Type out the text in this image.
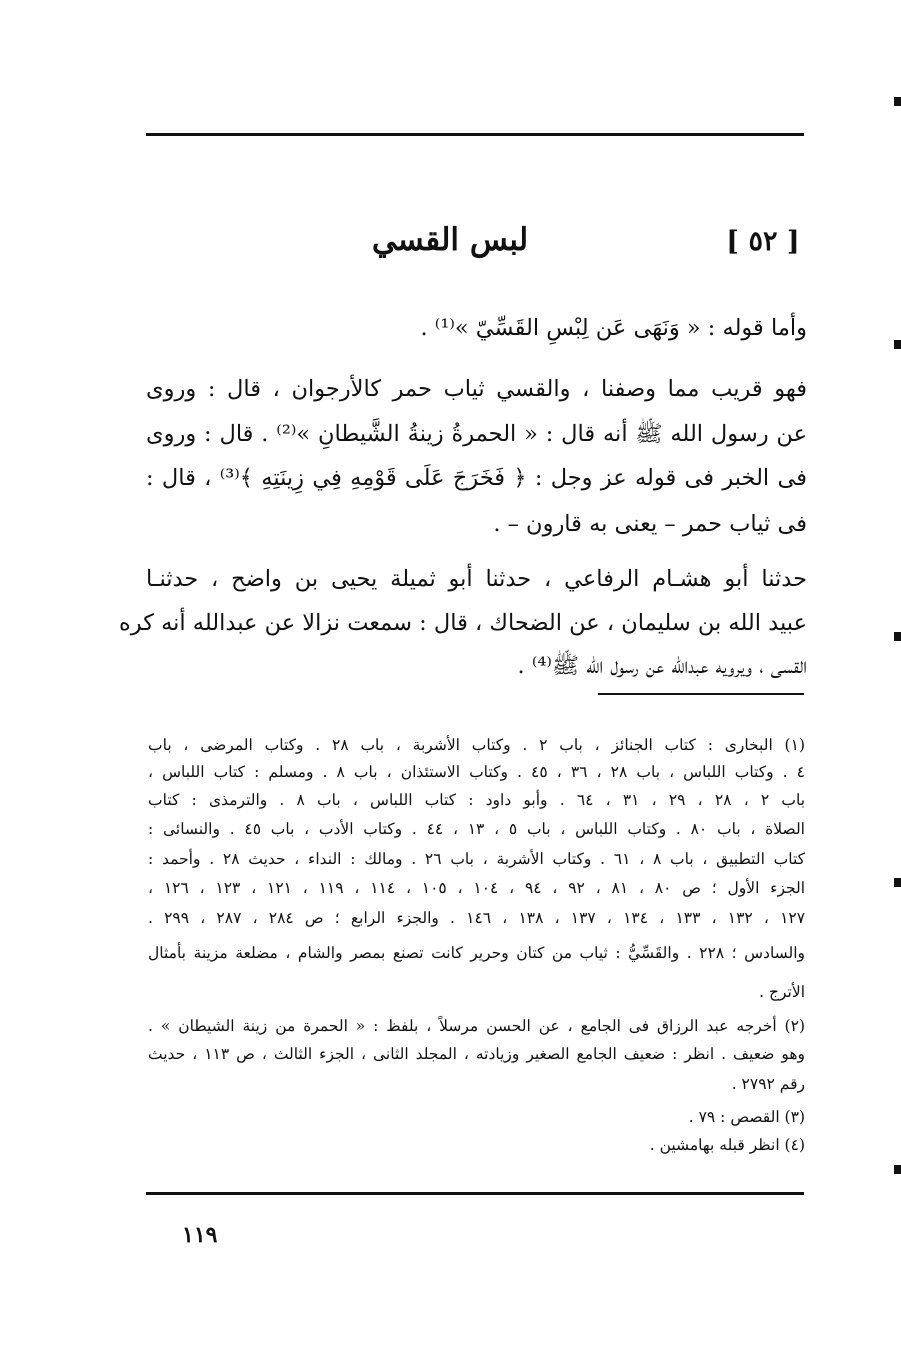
[ ٥٢ ]
لبس القسي
وأما قوله : « وَنَهَى عَن لِبْسِ القَسِّيّ »⁽¹⁾ .
فهو قريب مما وصفنا ، والقسي ثياب حمر كالأرجوان ، قال : وروى
عن رسول الله ﷺ أنه قال : « الحمرةُ زينةُ الشَّيطانِ »⁽²⁾ . قال : وروى
فى الخبر فى قوله عز وجل : ﴿ فَخَرَجَ عَلَى قَوْمِهِ فِي زِينَتِهِ ﴾⁽³⁾ ، قال :
فى ثياب حمر – يعنى به قارون – .
حدثنا أبو هشـام الرفاعي ، حدثنا أبو ثميلة يحيى بن واضح ، حدثنـا
عبيد الله بن سليمان ، عن الضحاك ، قال : سمعت نزالا عن عبدالله أنه كره
القسى ، ويرويه عبدالله عن رسول الله ﷺ⁽⁴⁾ .
(١) البخارى : كتاب الجنائز ، باب ٢ . وكتاب الأشربة ، باب ٢٨ . وكتاب المرضى ، باب
٤ . وكتاب اللباس ، باب ٢٨ ، ٣٦ ، ٤٥ . وكتاب الاستئذان ، باب ٨ . ومسلم : كتاب اللباس ،
باب ٢ ، ٢٨ ، ٢٩ ، ٣١ ، ٦٤ . وأبو داود : كتاب اللباس ، باب ٨ . والترمذى : كتاب
الصلاة ، باب ٨٠ . وكتاب اللباس ، باب ٥ ، ١٣ ، ٤٤ . وكتاب الأدب ، باب ٤٥ . والنسائى :
كتاب التطبيق ، باب ٨ ، ٦١ . وكتاب الأشربة ، باب ٢٦ . ومالك : النداء ، حديث ٢٨ . وأحمد :
الجزء الأول ؛ ص ٨٠ ، ٨١ ، ٩٢ ، ٩٤ ، ١٠٤ ، ١٠٥ ، ١١٤ ، ١١٩ ، ١٢١ ، ١٢٣ ، ١٢٦ ،
١٢٧ ، ١٣٢ ، ١٣٣ ، ١٣٤ ، ١٣٧ ، ١٣٨ ، ١٤٦ . والجزء الرابع ؛ ص ٢٨٤ ، ٢٨٧ ، ٢٩٩ .
والسادس ؛ ٢٢٨ . والقَسِّيُّ : ثياب من كتان وحرير كانت تصنع بمصر والشام ، مضلعة مزينة بأمثال
الأترج .
(٢) أخرجه عبد الرزاق فى الجامع ، عن الحسن مرسلاً ، بلفظ : « الحمرة من زينة الشيطان » .
وهو ضعيف . انظر : ضعيف الجامع الصغير وزيادته ، المجلد الثانى ، الجزء الثالث ، ص ١١٣ ، حديث
رقم ٢٧٩٢ .
(٣) القصص : ٧٩ .
(٤) انظر قبله بهامشين .
١١٩
